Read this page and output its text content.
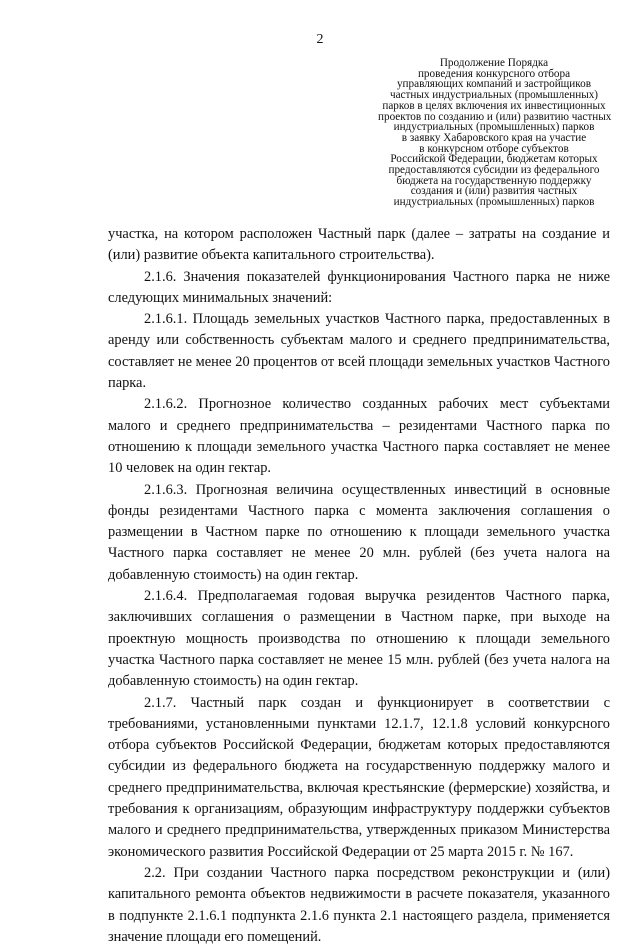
2
Продолжение Порядка
проведения конкурсного отбора
управляющих компаний и застройщиков
частных индустриальных (промышленных)
парков в целях включения их инвестиционных
проектов по созданию и (или) развитию частных
индустриальных (промышленных) парков
в заявку Хабаровского края на участие
в конкурсном отборе субъектов
Российской Федерации, бюджетам которых
предоставляются субсидии из федерального
бюджета на государственную поддержку
создания и (или) развития частных
индустриальных (промышленных) парков

участка, на котором расположен Частный парк (далее – затраты на создание и (или) развитие объекта капитального строительства).

2.1.6. Значения показателей функционирования Частного парка не ниже следующих минимальных значений:

2.1.6.1. Площадь земельных участков Частного парка, предоставленных в аренду или собственность субъектам малого и среднего предпринимательства, составляет не менее 20 процентов от всей площади земельных участков Частного парка.

2.1.6.2. Прогнозное количество созданных рабочих мест субъектами малого и среднего предпринимательства – резидентами Частного парка по отношению к площади земельного участка Частного парка составляет не менее 10 человек на один гектар.

2.1.6.3. Прогнозная величина осуществленных инвестиций в основные фонды резидентами Частного парка с момента заключения соглашения о размещении в Частном парке по отношению к площади земельного участка Частного парка составляет не менее 20 млн. рублей (без учета налога на добавленную стоимость) на один гектар.

2.1.6.4. Предполагаемая годовая выручка резидентов Частного парка, заключивших соглашения о размещении в Частном парке, при выходе на проектную мощность производства по отношению к площади земельного участка Частного парка составляет не менее 15 млн. рублей (без учета налога на добавленную стоимость) на один гектар.

2.1.7. Частный парк создан и функционирует в соответствии с требованиями, установленными пунктами 12.1.7, 12.1.8 условий конкурсного отбора субъектов Российской Федерации, бюджетам которых предоставляются субсидии из федерального бюджета на государственную поддержку малого и среднего предпринимательства, включая крестьянские (фермерские) хозяйства, и требования к организациям, образующим инфраструктуру поддержки субъектов малого и среднего предпринимательства, утвержденных приказом Министерства экономического развития Российской Федерации от 25 марта 2015 г. № 167.

2.2. При создании Частного парка посредством реконструкции и (или) капитального ремонта объектов недвижимости в расчете показателя, указанного в подпункте 2.1.6.1 подпункта 2.1.6 пункта 2.1 настоящего раздела, применяется значение площади его помещений.
